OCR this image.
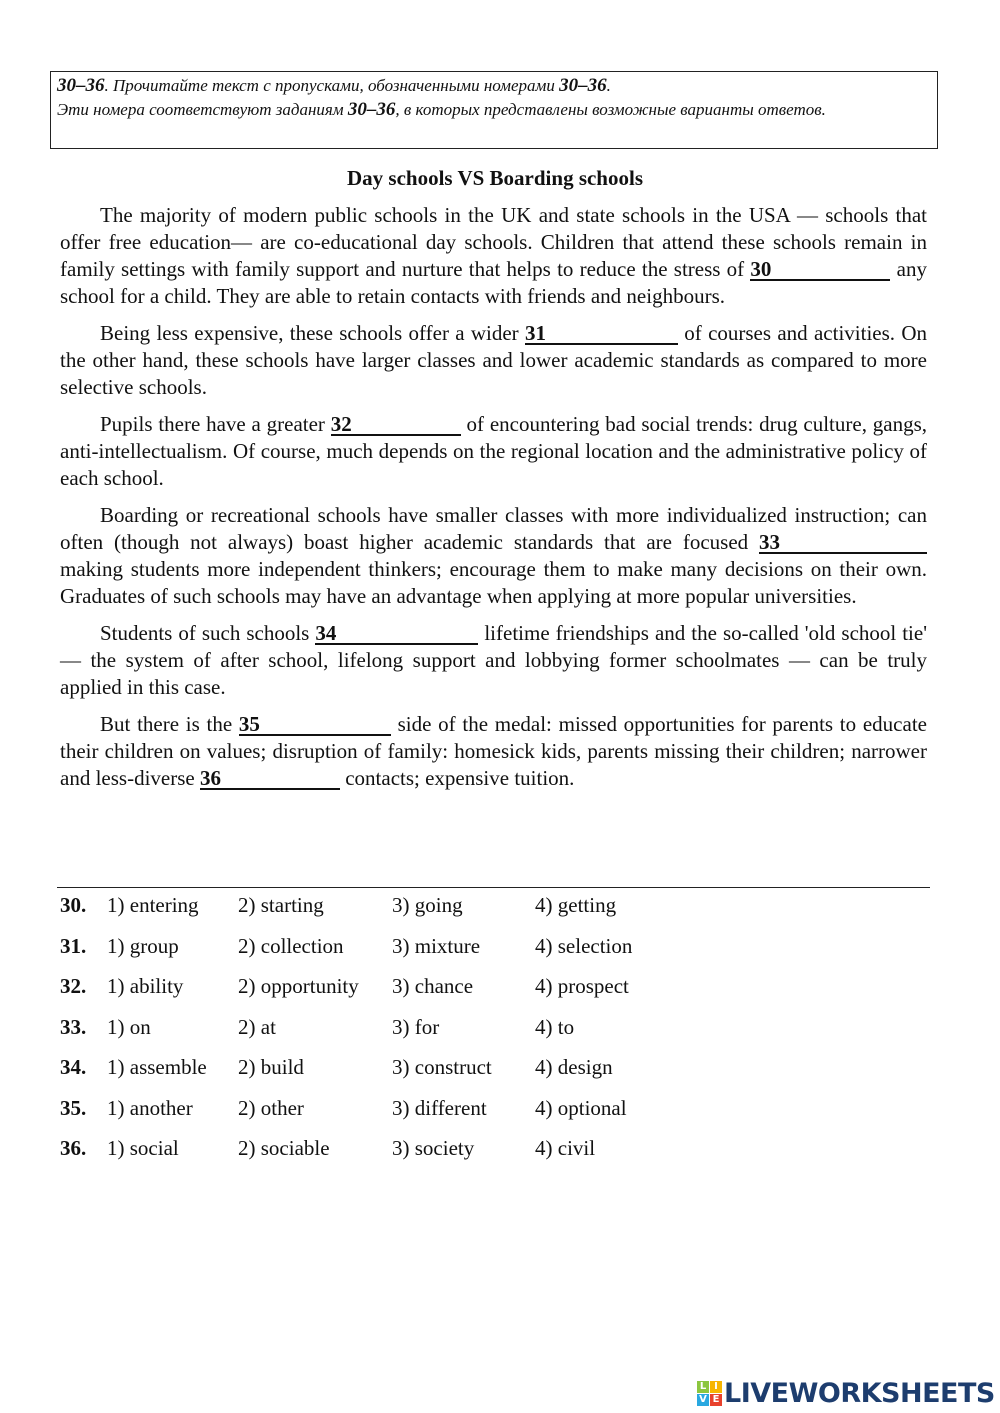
30–36. Прочитайте текст с пропусками, обозначенными номерами 30–36.
Эти номера соответствуют заданиям 30–36, в которых представлены возможные варианты ответов.
Day schools VS Boarding schools

The majority of modern public schools in the UK and state schools in the USA — schools that offer free education— are co-educational day schools. Children that attend these schools remain in family settings with family support and nurture that helps to reduce the stress of 30	any school for a child. They are able to retain contacts with friends and neighbours.

Being less expensive, these schools offer a wider 31	of courses and activities. On the other hand, these schools have larger classes and lower academic standards as compared to more selective schools.

Pupils there have a greater 32	of encountering bad social trends: drug culture, gangs, anti-intellectualism. Of course, much depends on the regional location and the administrative policy of each school.

Boarding or recreational schools have smaller classes with more individualized instruction; can often (though not always) boast higher academic standards that are focused 33making students more independent thinkers; encourage them to make many decisions on their own. Graduates of such schools may have an advantage when applying at more popular universities.

Students of such schools 34	lifetime friendships and the so-called 'old school tie' — the system of after school, lifelong support and lobbying former schoolmates — can be truly applied in this case.

But there is the 35	side of the medal: missed opportunities for parents to educate their children on values; disruption of family: homesick kids, parents missing their children; narrower and less-diverse 36	contacts; expensive tuition.

30. 1) entering 2) starting	3) going	4) getting
31. 1) group	2) collection 3) mixture	4) selection
32. 1) ability	2) opportunity 3) chance	4) prospect
33. 1) on	2) at	3) for	4) to
34. 1) assemble 2) build	3) construct 4) design
35. 1) another 2) other	3) different 4) optional
36. 1) social	2) sociable	3) society	4) civil
L I
V E LIVEWORKSHEETS
